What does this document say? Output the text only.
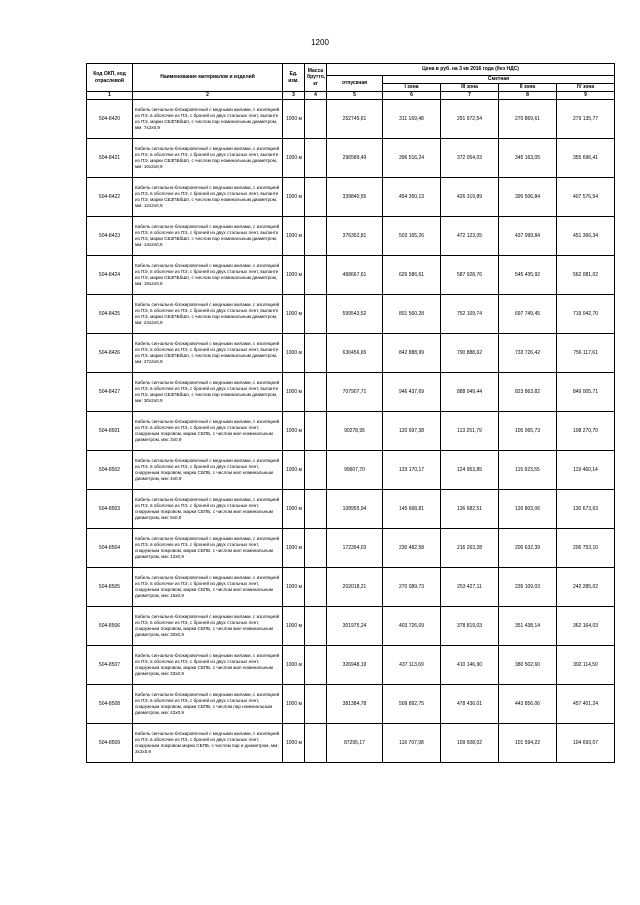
1200
Код ОКП, код отраслевой	Наименование материалов и изделий	Ед. изм.	Масса брутто, кг	Цена в руб. на 3 кв 2016 года (без НДС)				
				отпускная	Сметная			
					I зона	III зона	II зона	IV зона
1	2	3	4	5	6	7	8	9
504-8420	Кабель сигнально-блокировочный с медными жилами, с изоляцией из ПЭ, в оболочке из ПЭ, с броней из двух стальных лент, выпанте из ПЭ, марки СБЗПБбШп, с числом пар номинальным диаметром, мм: 7х2х0,9	1000 м		252745,61	311 169,48	291 972,54	270 869,61	279 135,77
504-8421	Кабель сигнально-блокировочный с медными жилами, с изоляцией из ПЭ, в оболочке из ПЭ, с броней из двух стальных лент, выпанте из ПЭ, марки СБЗПБбШп, с числом пар номинальным диаметром, мм: 10х2х0,9	1000 м		296589,49	396 516,24	372 054,03	345 163,05	355 696,41
504-8422	Кабель сигнально-блокировочный с медными жилами, с изоляцией из ПЭ, в оболочке из ПЭ, с броней из двух стальных лент, выпанте из ПЭ, марки СБЗПБбШп, с числом пар номинальным диаметром, мм: 12х2х0,9	1000 м		339840,55	454 350,13	426 319,89	395 506,84	407 576,54
504-8423	Кабель сигнально-блокировочный с медными жилами, с изоляцией из ПЭ, в оболочке из ПЭ, с броней из двух стальных лент, выпанте из ПЭ, марки СБЗПБбШп, с числом пар номинальным диаметром, мм: 14х2х0,9	1000 м		376352,81	503 165,26	472 123,05	437 999,84	451 366,34
504-8424	Кабель сигнально-блокировочный с медными жилами, с изоляцией из ПЭ, в оболочке из ПЭ, с броней из двух стальных лент, выпанте из ПЭ, марки СБЗПБбШп, с числом пар номинальным диаметром, мм: 19х2х0,9	1000 м		468667,61	626 586,61	587 928,76	545 435,92	562 081,02
504-8425	Кабель сигнально-блокировочный с медными жилами, с изоляцией из ПЭ, в оболочке из ПЭ, с броней из двух стальных лент, выпанте из ПЭ, марки СБЗПБбШп, с числом пар номинальным диаметром, мм: 24х2х0,9	1000 м		599543,52	801 560,28	752 109,74	697 749,45	719 042,70
504-8426	Кабель сигнально-блокировочный с медными жилами, с изоляцией из ПЭ, в оболочке из ПЭ, с броней из двух стальных лент, выпанте из ПЭ, марки СБЗПБбШп, с числом пар номинальным диаметром, мм: 27х2х0,9	1000 м		630456,65	842 888,99	790 888,62	733 726,42	756 117,61
504-8427	Кабель сигнально-блокировочный с медными жилами, с изоляцией из ПЭ, в оболочке из ПЭ, с броней из двух стальных лент, выпанте из ПЭ, марки СБЗПБбШп, с числом пар номинальным диаметром, мм: 30х2х0,9	1000 м		707907,71	946 437,69	888 049,44	823 863,82	849 005,71
504-8501	Кабель сигнально-блокировочный с медными жилами, с изоляцией из ПЭ, в оболочке из ПЭ, с броней из двух стальных лент, снаружным покровом, марки СБПБ, с числом жил номинальным диаметром, мм: 3х0,9	1000 м		90278,95	120 697,38	113 251,79	105 065,73	108 270,70
504-8502	Кабель сигнально-блокировочный с медными жилами, с изоляцией из ПЭ, в оболочке из ПЭ, с броней из двух стальных лент, снаружным покровом, марки СБПБ, с числом жил номинальным диаметром, мм: 4х0,9	1000 м		99607,70	133 170,17	124 953,85	115 923,55	119 460,14
504-8503	Кабель сигнально-блокировочный с медными жилами, с изоляцией из ПЭ, в оболочке из ПЭ, с броней из двух стальных лент, снаружным покровом, марки СБПБ, с числом жил номинальным диаметром, мм: 5х0,9	1000 м		108955,94	145 668,81	136 682,51	126 803,06	130 673,63
504-8504	Кабель сигнально-блокировочный с медными жилами, с изоляцией из ПЭ, в оболочке из ПЭ, с броней из двух стальных лент, снаружным покровом, марки СБПБ, с числом жил номинальным диаметром, мм: 12х0,9	1000 м		172394,03	230 482,58	216 263,28	200 632,39	206 753,10
504-8505	Кабель сигнально-блокировочный с медными жилами, с изоляцией из ПЭ, в оболочке из ПЭ, с броней из двух стальных лент, снаружным покровом, марки СБПБ, с числом жил номинальным диаметром, мм: 16х0,9	1000 м		202018,21	270 089,73	253 427,11	235 109,03	242 285,02
504-8506	Кабель сигнально-блокировочный с медными жилами, с изоляцией из ПЭ, в оболочке из ПЭ, с броней из двух стальных лент, снаружным покровом, марки СБПБ, с числом жил номинальным диаметром, мм: 30х0,9	1000 м		301975,24	403 726,09	378 819,03	351 438,14	362 164,03
504-8507	Кабель сигнально-блокировочный с медными жилами, с изоляцией из ПЭ, в оболочке из ПЭ, с броней из двух стальных лент, снаружным покровом, марки СБПБ, с числом жил номинальным диаметром, мм: 33х0,9	1000 м		326948,19	437 113,69	410 146,90	380 502,60	392 114,50
504-8508	Кабель сигнально-блокировочный с медными жилами, с изоляцией из ПЭ, в оболочке из ПЭ, с броней из двух стальных лент, снаружным покровом, марки СБПБ, с числом пар номинальным диаметром, мм: 42х0,9	1000 м		381384,78	509 892,75	478 436,01	443 856,06	457 401,24
504-8509	Кабель сигнально-блокировочный с медными жилами, с изоляцией из ПЭ, в оболочке из ПЭ, с броней из двух стальных лент, снаружным покровом марки СБПБ, с числом пар и диаметром, мм: 3х2х0,9	1000 м		87295,17	116 707,98	109 508,02	101 594,22	104 693,07
